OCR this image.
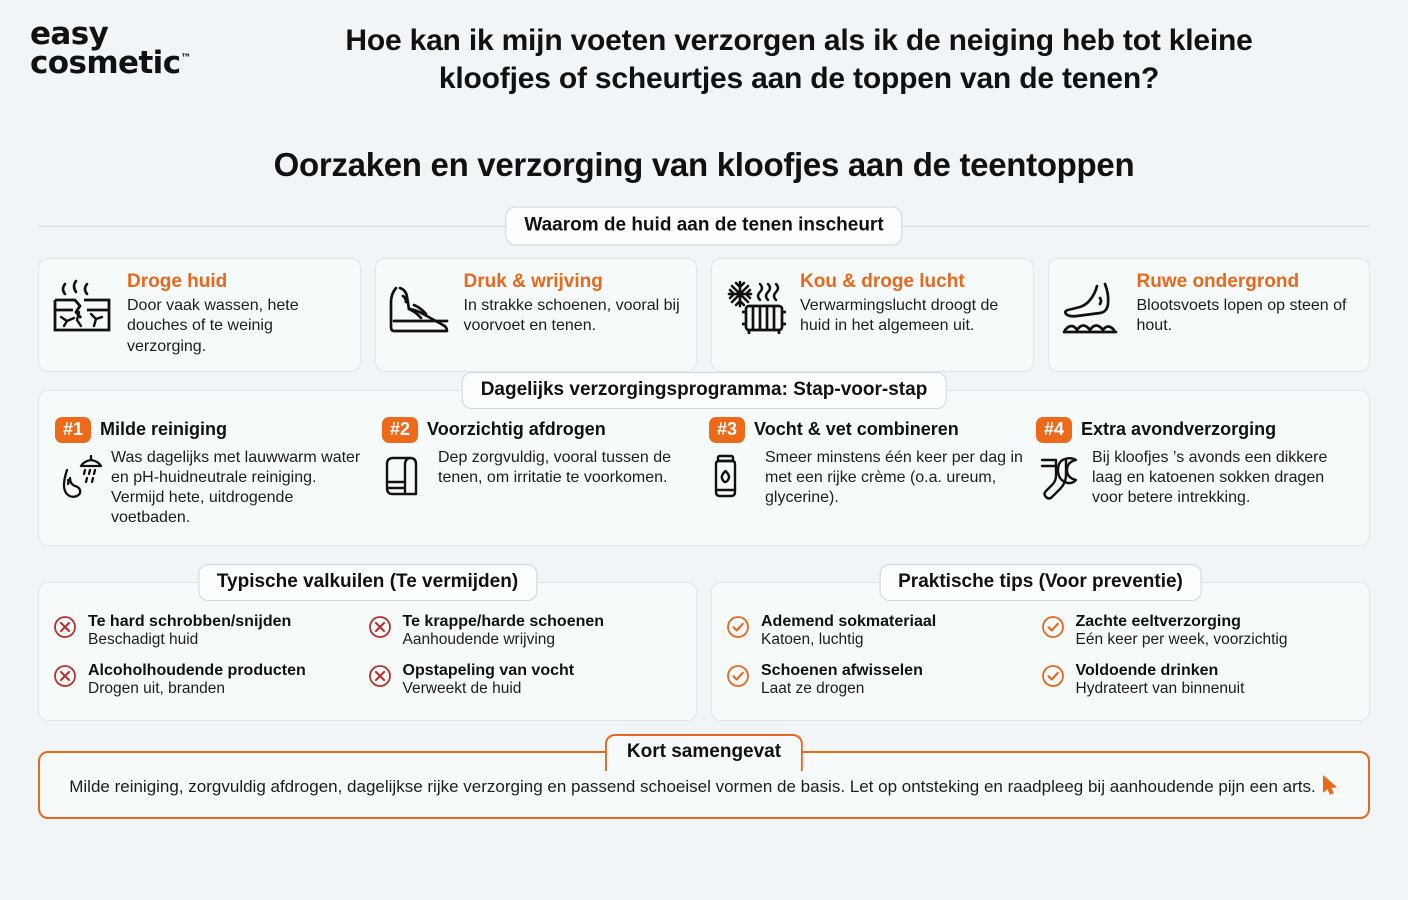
easy
cosmetic™
Hoe kan ik mijn voeten verzorgen als ik de neiging heb tot kleine kloofjes of scheurtjes aan de toppen van de tenen?
Oorzaken en verzorging van kloofjes aan de teentoppen
Waarom de huid aan de tenen inscheurt
Droge huid

Door vaak wassen, hete douches of te weinig verzorging.

Druk & wrijving

In strakke schoenen, vooral bij voorvoet en tenen.

Kou & droge lucht

Verwarmingslucht droogt de huid in het algemeen uit.

Ruwe ondergrond

Blootsvoets lopen op steen of hout.

Dagelijks verzorgingsprogramma: Stap-voor-stap
#1 Milde reiniging

Was dagelijks met lauwwarm water en pH-huidneutrale reiniging. Vermijd hete, uitdrogende voetbaden.

#2 Voorzichtig afdrogen

Dep zorgvuldig, vooral tussen de tenen, om irritatie te voorkomen.

#3 Vocht & vet combineren

Smeer minstens één keer per dag in met een rijke crème (o.a. ureum, glycerine).

#4 Extra avondverzorging

Bij kloofjes ’s avonds een dikkere laag en katoenen sokken dragen voor betere intrekking.

Typische valkuilen (Te vermijden)
Te hard schrobben/snijden
Beschadigt huid
Te krappe/harde schoenen
Aanhoudende wrijving
Alcoholhoudende producten
Drogen uit, branden
Opstapeling van vocht
Verweekt de huid
Praktische tips (Voor preventie)
Ademend sokmateriaal
Katoen, luchtig
Zachte eeltverzorging
Eén keer per week, voorzichtig
Schoenen afwisselen
Laat ze drogen
Voldoende drinken
Hydrateert van binnenuit
Kort samengevat

Milde reiniging, zorgvuldig afdrogen, dagelijkse rijke verzorging en passend schoeisel vormen de basis. Let op ontsteking en raadpleeg bij aanhoudende pijn een arts.
